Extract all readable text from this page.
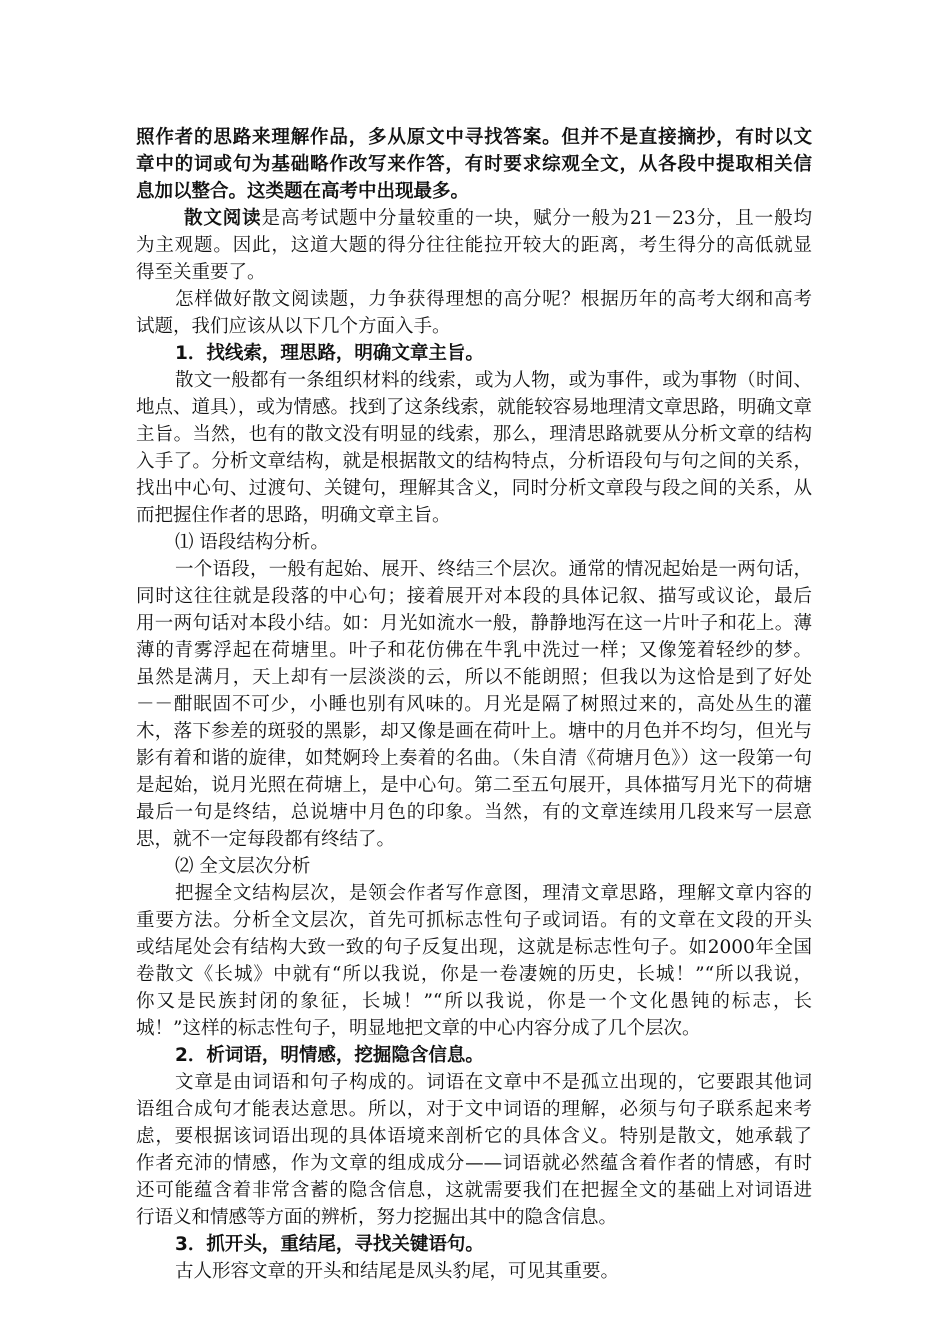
照作者的思路来理解作品，多从原文中寻找答案。但并不是直接摘抄，有时以文
章中的词或句为基础略作改写来作答，有时要求综观全文，从各段中提取相关信
息加以整合。这类题在高考中出现最多。
散文阅读是高考试题中分量较重的一块，赋分一般为21－23分，且一般均
为主观题。因此，这道大题的得分往往能拉开较大的距离，考生得分的高低就显
得至关重要了。
怎样做好散文阅读题，力争获得理想的高分呢？根据历年的高考大纲和高考
试题，我们应该从以下几个方面入手。
1．找线索，理思路，明确文章主旨。
散文一般都有一条组织材料的线索，或为人物，或为事件，或为事物（时间、
地点、道具），或为情感。找到了这条线索，就能较容易地理清文章思路，明确文章
主旨。当然，也有的散文没有明显的线索，那么，理清思路就要从分析文章的结构
入手了。分析文章结构，就是根据散文的结构特点，分析语段句与句之间的关系，
找出中心句、过渡句、关键句，理解其含义，同时分析文章段与段之间的关系，从
而把握住作者的思路，明确文章主旨。
⑴ 语段结构分析。
一个语段，一般有起始、展开、终结三个层次。通常的情况起始是一两句话，
同时这往往就是段落的中心句；接着展开对本段的具体记叙、描写或议论，最后
用一两句话对本段小结。如：月光如流水一般，静静地泻在这一片叶子和花上。薄
薄的青雾浮起在荷塘里。叶子和花仿佛在牛乳中洗过一样；又像笼着轻纱的梦。
虽然是满月，天上却有一层淡淡的云，所以不能朗照；但我以为这恰是到了好处
－－酣眠固不可少，小睡也别有风味的。月光是隔了树照过来的，高处丛生的灌
木，落下参差的斑驳的黑影，却又像是画在荷叶上。塘中的月色并不均匀，但光与
影有着和谐的旋律，如梵婀玲上奏着的名曲。（朱自清《荷塘月色》）这一段第一句
是起始，说月光照在荷塘上，是中心句。第二至五句展开，具体描写月光下的荷塘
最后一句是终结，总说塘中月色的印象。当然，有的文章连续用几段来写一层意
思，就不一定每段都有终结了。
⑵ 全文层次分析
把握全文结构层次，是领会作者写作意图，理清文章思路，理解文章内容的
重要方法。分析全文层次，首先可抓标志性句子或词语。有的文章在文段的开头
或结尾处会有结构大致一致的句子反复出现，这就是标志性句子。如2000年全国
卷散文《长城》中就有“所以我说，你是一卷凄婉的历史，长城！”“所以我说，
你又是民族封闭的象征，长城！”“所以我说，你是一个文化愚钝的标志，长
城！”这样的标志性句子，明显地把文章的中心内容分成了几个层次。
2．析词语，明情感，挖掘隐含信息。
文章是由词语和句子构成的。词语在文章中不是孤立出现的，它要跟其他词
语组合成句才能表达意思。所以，对于文中词语的理解，必须与句子联系起来考
虑，要根据该词语出现的具体语境来剖析它的具体含义。特别是散文，她承载了
作者充沛的情感，作为文章的组成成分——词语就必然蕴含着作者的情感，有时
还可能蕴含着非常含蓄的隐含信息，这就需要我们在把握全文的基础上对词语进
行语义和情感等方面的辨析，努力挖掘出其中的隐含信息。
3．抓开头，重结尾，寻找关键语句。
古人形容文章的开头和结尾是凤头豹尾，可见其重要。
